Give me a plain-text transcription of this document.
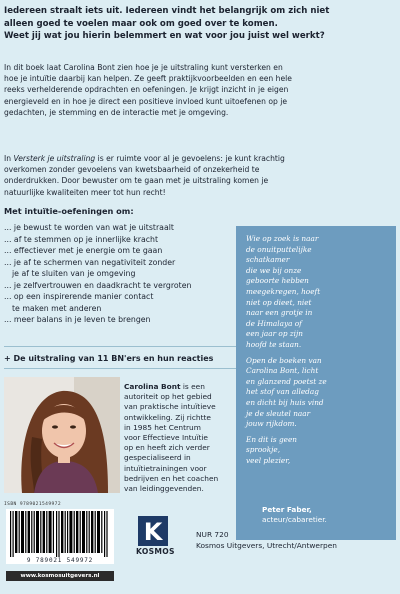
Iedereen straalt iets uit. Iedereen vindt het belangrijk om zich niet
alleen goed te voelen maar ook om goed over te komen.
Weet jij wat jou hierin belemmert en wat voor jou juist wel werkt?
In dit boek laat Carolina Bont zien hoe je je uitstraling kunt versterken en
hoe je intuïtie daarbij kan helpen. Ze geeft praktijkvoorbeelden en een hele
reeks verhelderende opdrachten en oefeningen. Je krijgt inzicht in je eigen
energieveld en in hoe je direct een positieve invloed kunt uitoefenen op je
gedachten, je stemming en de interactie met je omgeving.
In Versterk je uitstraling is er ruimte voor al je gevoelens: je kunt krachtig
overkomen zonder gevoelens van kwetsbaarheid of onzekerheid te
onderdrukken. Door bewuster om te gaan met je uitstraling komen je
natuurlijke kwaliteiten meer tot hun recht!
Met intuïtie-oefeningen om:
... je bewust te worden van wat je uitstraalt
... af te stemmen op je innerlijke kracht
... effectiever met je energie om te gaan
... je af te schermen van negativiteit zonder
je af te sluiten van je omgeving
... je zelfvertrouwen en daadkracht te vergroten
... op een inspirerende manier contact
te maken met anderen
... meer balans in je leven te brengen
+ De uitstraling van 11 BN'ers en hun reacties

Wie op zoek is naar
de onuitputtelijke
schatkamer
die we bij onze
geboorte hebben
meegekregen, hoeft
niet op dieet, niet
naar een grotje in
de Himalaya of
een jaar op zijn
hoofd te staan.

Open de boeken van
Carolina Bont, licht
en glanzend poetst ze
het stof van alledag
en dicht bij huis vind
je de sleutel naar
jouw rijkdom.

En dit is geen
sprookje,
veel plezier,

Peter Faber,
acteur/cabaretier.
Carolina Bont is een
autoriteit op het gebied
van praktische intuïtieve
ontwikkeling. Zij richtte
in 1985 het Centrum
voor Effectieve Intuïtie
op en heeft zich verder
gespecialiseerd in
intuïtietrainingen voor
bedrijven en het coachen
van leidinggevenden.
ISBN 9789021549972
9 789021 549972
www.kosmosuitgevers.nl
K
KOSMOS
NUR 720
Kosmos Uitgevers, Utrecht/Antwerpen
